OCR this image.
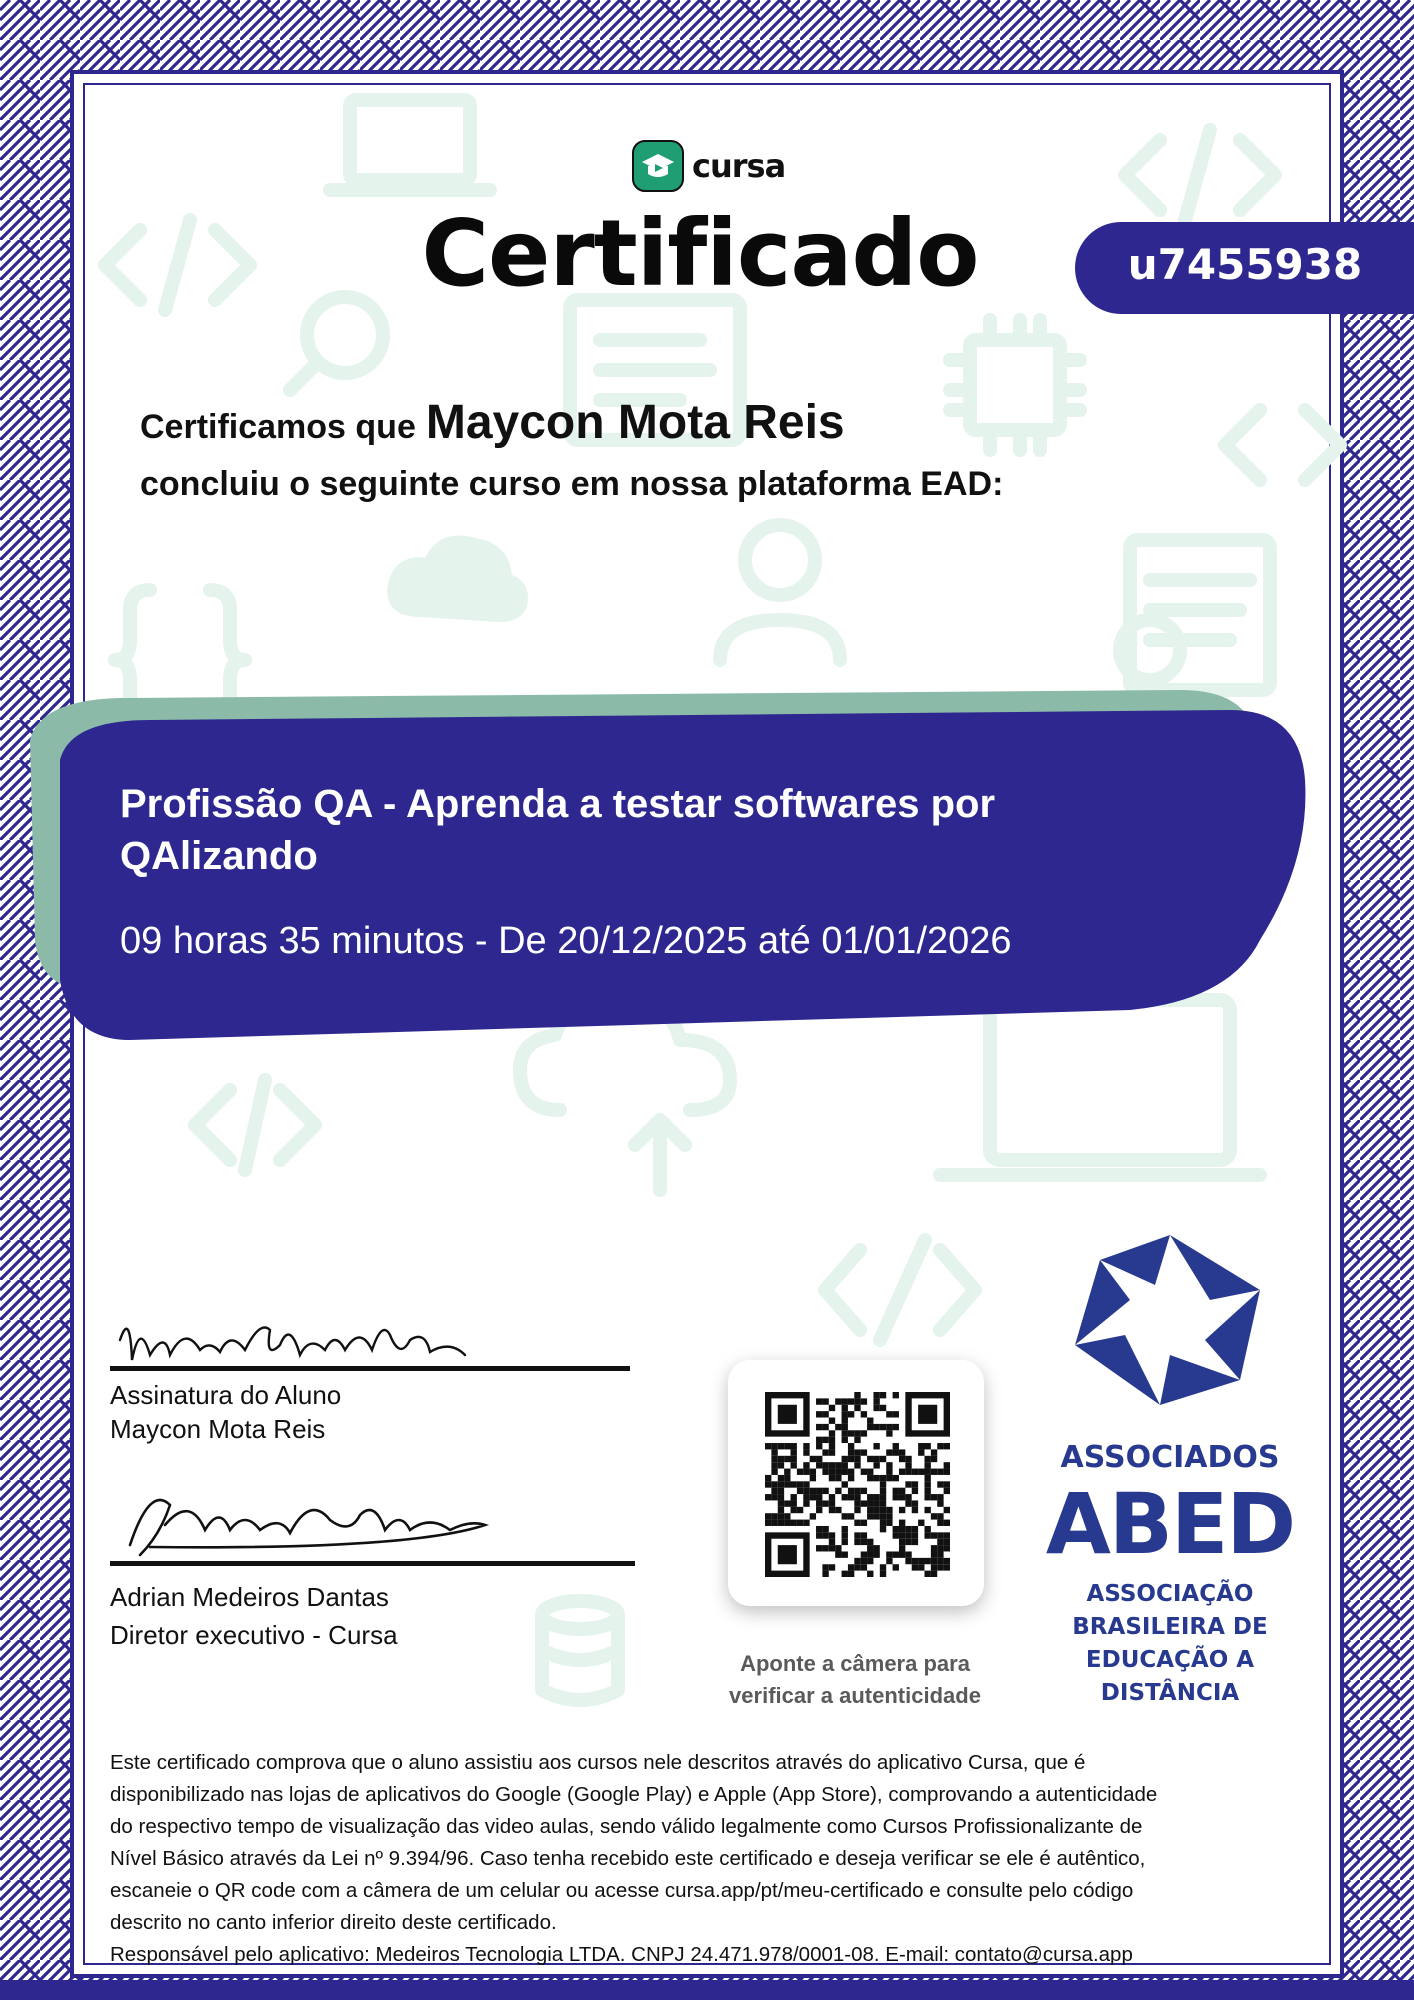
cursa
Certificado	u7455938
Certificamos que Maycon Mota Reis
concluiu o seguinte curso em nossa plataforma EAD:
Profissão QA - Aprenda a testar softwares por
QAlizando
09 horas 35 minutos - De 20/12/2025 até 01/01/2026
Assinatura do Aluno
Maycon Mota Reis
Adrian Medeiros Dantas
Diretor executivo - Cursa
Aponte a câmera para
verificar a autenticidade
ASSOCIADOS
ABED
ASSOCIAÇÃO
BRASILEIRA DE
EDUCAÇÃO A
DISTÂNCIA
Este certificado comprova que o aluno assistiu aos cursos nele descritos através do aplicativo Cursa, que é
disponibilizado nas lojas de aplicativos do Google (Google Play) e Apple (App Store), comprovando a autenticidade
do respectivo tempo de visualização das video aulas, sendo válido legalmente como Cursos Profissionalizante de
Nível Básico através da Lei nº 9.394/96. Caso tenha recebido este certificado e deseja verificar se ele é autêntico,
escaneie o QR code com a câmera de um celular ou acesse cursa.app/pt/meu-certificado e consulte pelo código
descrito no canto inferior direito deste certificado.
Responsável pelo aplicativo: Medeiros Tecnologia LTDA. CNPJ 24.471.978/0001-08. E-mail: contato@cursa.app
